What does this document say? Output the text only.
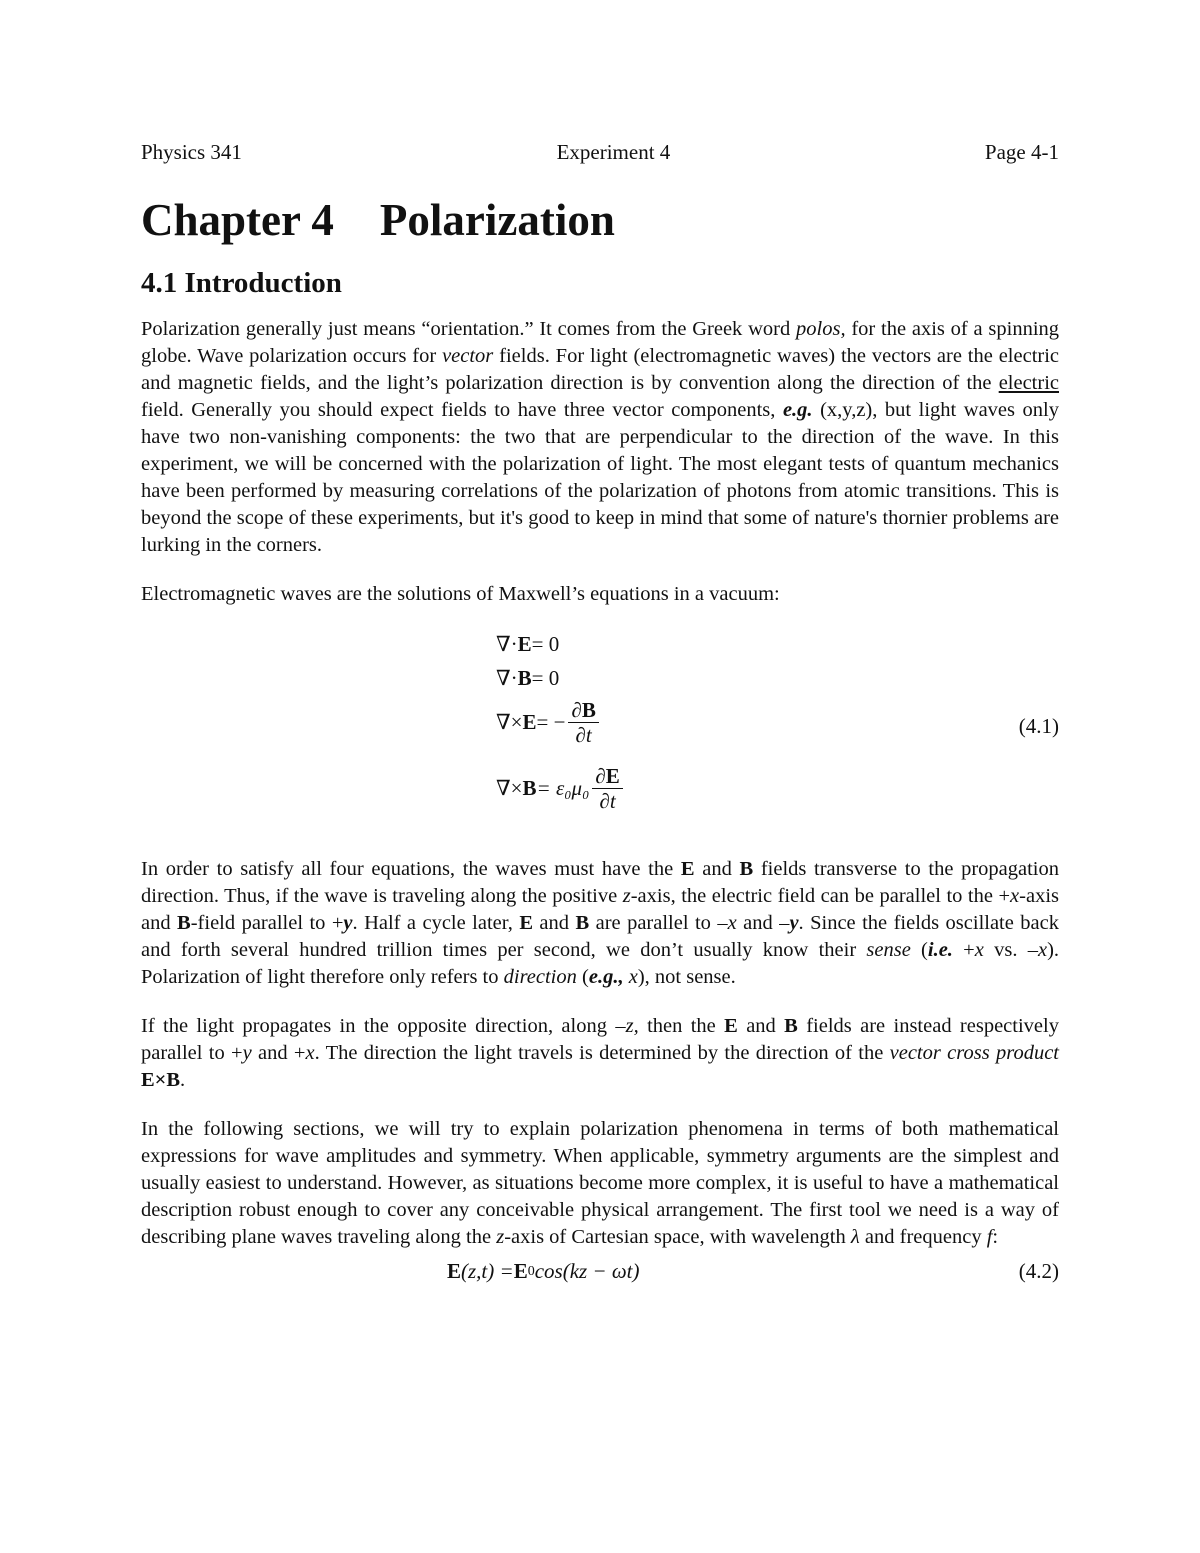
Physics 341	Experiment 4	Page 4-1
Chapter 4 Polarization
4.1 Introduction

Polarization generally just means “orientation.” It comes from the Greek word polos, for the axis of a spinning globe. Wave polarization occurs for vector fields. For light (electromagnetic waves) the vectors are the electric and magnetic fields, and the light’s polarization direction is by convention along the direction of the electric field. Generally you should expect fields to have three vector components, e.g. (x,y,z), but light waves only have two non-vanishing components: the two that are perpendicular to the direction of the wave. In this experiment, we will be concerned with the polarization of light. The most elegant tests of quantum mechanics have been performed by measuring correlations of the polarization of photons from atomic transitions. This is beyond the scope of these experiments, but it's good to keep in mind that some of nature's thornier problems are lurking in the corners.

Electromagnetic waves are the solutions of Maxwell’s equations in a vacuum:

∇· E = 0
∇· B = 0
∇× E = − $\frac{\partial B}{\partial t}$	(4.1)
∇× $B = \varepsilon_0\mu_0 \frac{\partial E}{\partial t}$

In order to satisfy all four equations, the waves must have the E and B fields transverse to the propagation direction. Thus, if the wave is traveling along the positive z-axis, the electric field can be parallel to the +x-axis and B-field parallel to +y. Half a cycle later, E and B are parallel to –x and –y. Since the fields oscillate back and forth several hundred trillion times per second, we don’t usually know their sense (i.e. +x vs. –x). Polarization of light therefore only refers to direction (e.g., x), not sense.

If the light propagates in the opposite direction, along –z, then the E and B fields are instead respectively parallel to +y and +x. The direction the light travels is determined by the direction of the vector cross product E×B.

In the following sections, we will try to explain polarization phenomena in terms of both mathematical expressions for wave amplitudes and symmetry. When applicable, symmetry arguments are the simplest and usually easiest to understand. However, as situations become more complex, it is useful to have a mathematical description robust enough to cover any conceivable physical arrangement. The first tool we need is a way of describing plane waves traveling along the z-axis of Cartesian space, with wavelength λ and frequency f:

E (z,t) = E 0 cos(kz − ωt)	(4.2)
